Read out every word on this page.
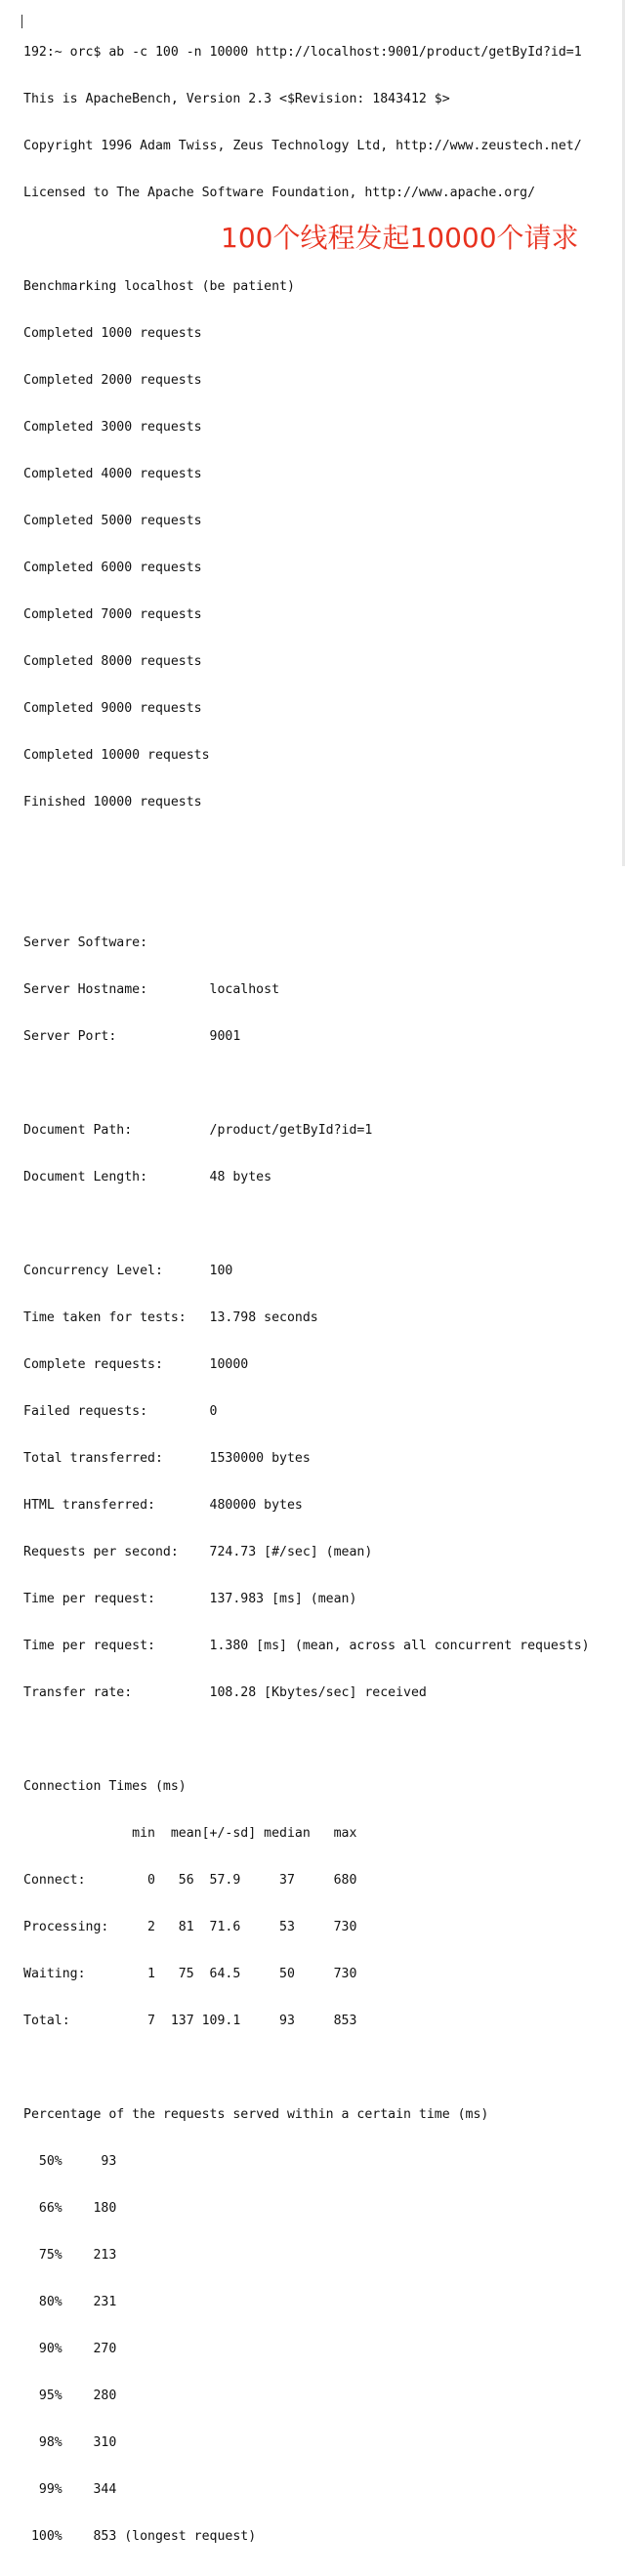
192:~ orc$ ab -c 100 -n 10000 http://localhost:9001/product/getById?id=1

This is ApacheBench, Version 2.3 <$Revision: 1843412 $>

Copyright 1996 Adam Twiss, Zeus Technology Ltd, http://www.zeustech.net/

Licensed to The Apache Software Foundation, http://www.apache.org/

Benchmarking localhost (be patient)

Completed 1000 requests

Completed 2000 requests

Completed 3000 requests

Completed 4000 requests

Completed 5000 requests

Completed 6000 requests

Completed 7000 requests

Completed 8000 requests

Completed 9000 requests

Completed 10000 requests

Finished 10000 requests

Server Software:

Server Hostname:        localhost

Server Port:            9001

Document Path:          /product/getById?id=1

Document Length:        48 bytes

Concurrency Level:      100

Time taken for tests:   13.798 seconds

Complete requests:      10000

Failed requests:        0

Total transferred:      1530000 bytes

HTML transferred:       480000 bytes

Requests per second:    724.73 [#/sec] (mean)

Time per request:       137.983 [ms] (mean)

Time per request:       1.380 [ms] (mean, across all concurrent requests)

Transfer rate:          108.28 [Kbytes/sec] received

Connection Times (ms)

min  mean[+/-sd] median   max

Connect:        0   56  57.9     37     680

Processing:     2   81  71.6     53     730

Waiting:        1   75  64.5     50     730

Total:          7  137 109.1     93     853

Percentage of the requests served within a certain time (ms)

50%     93

66%    180

75%    213

80%    231

90%    270

95%    280

98%    310

99%    344

100%    853 (longest request)

100个线程发起10000个请求
